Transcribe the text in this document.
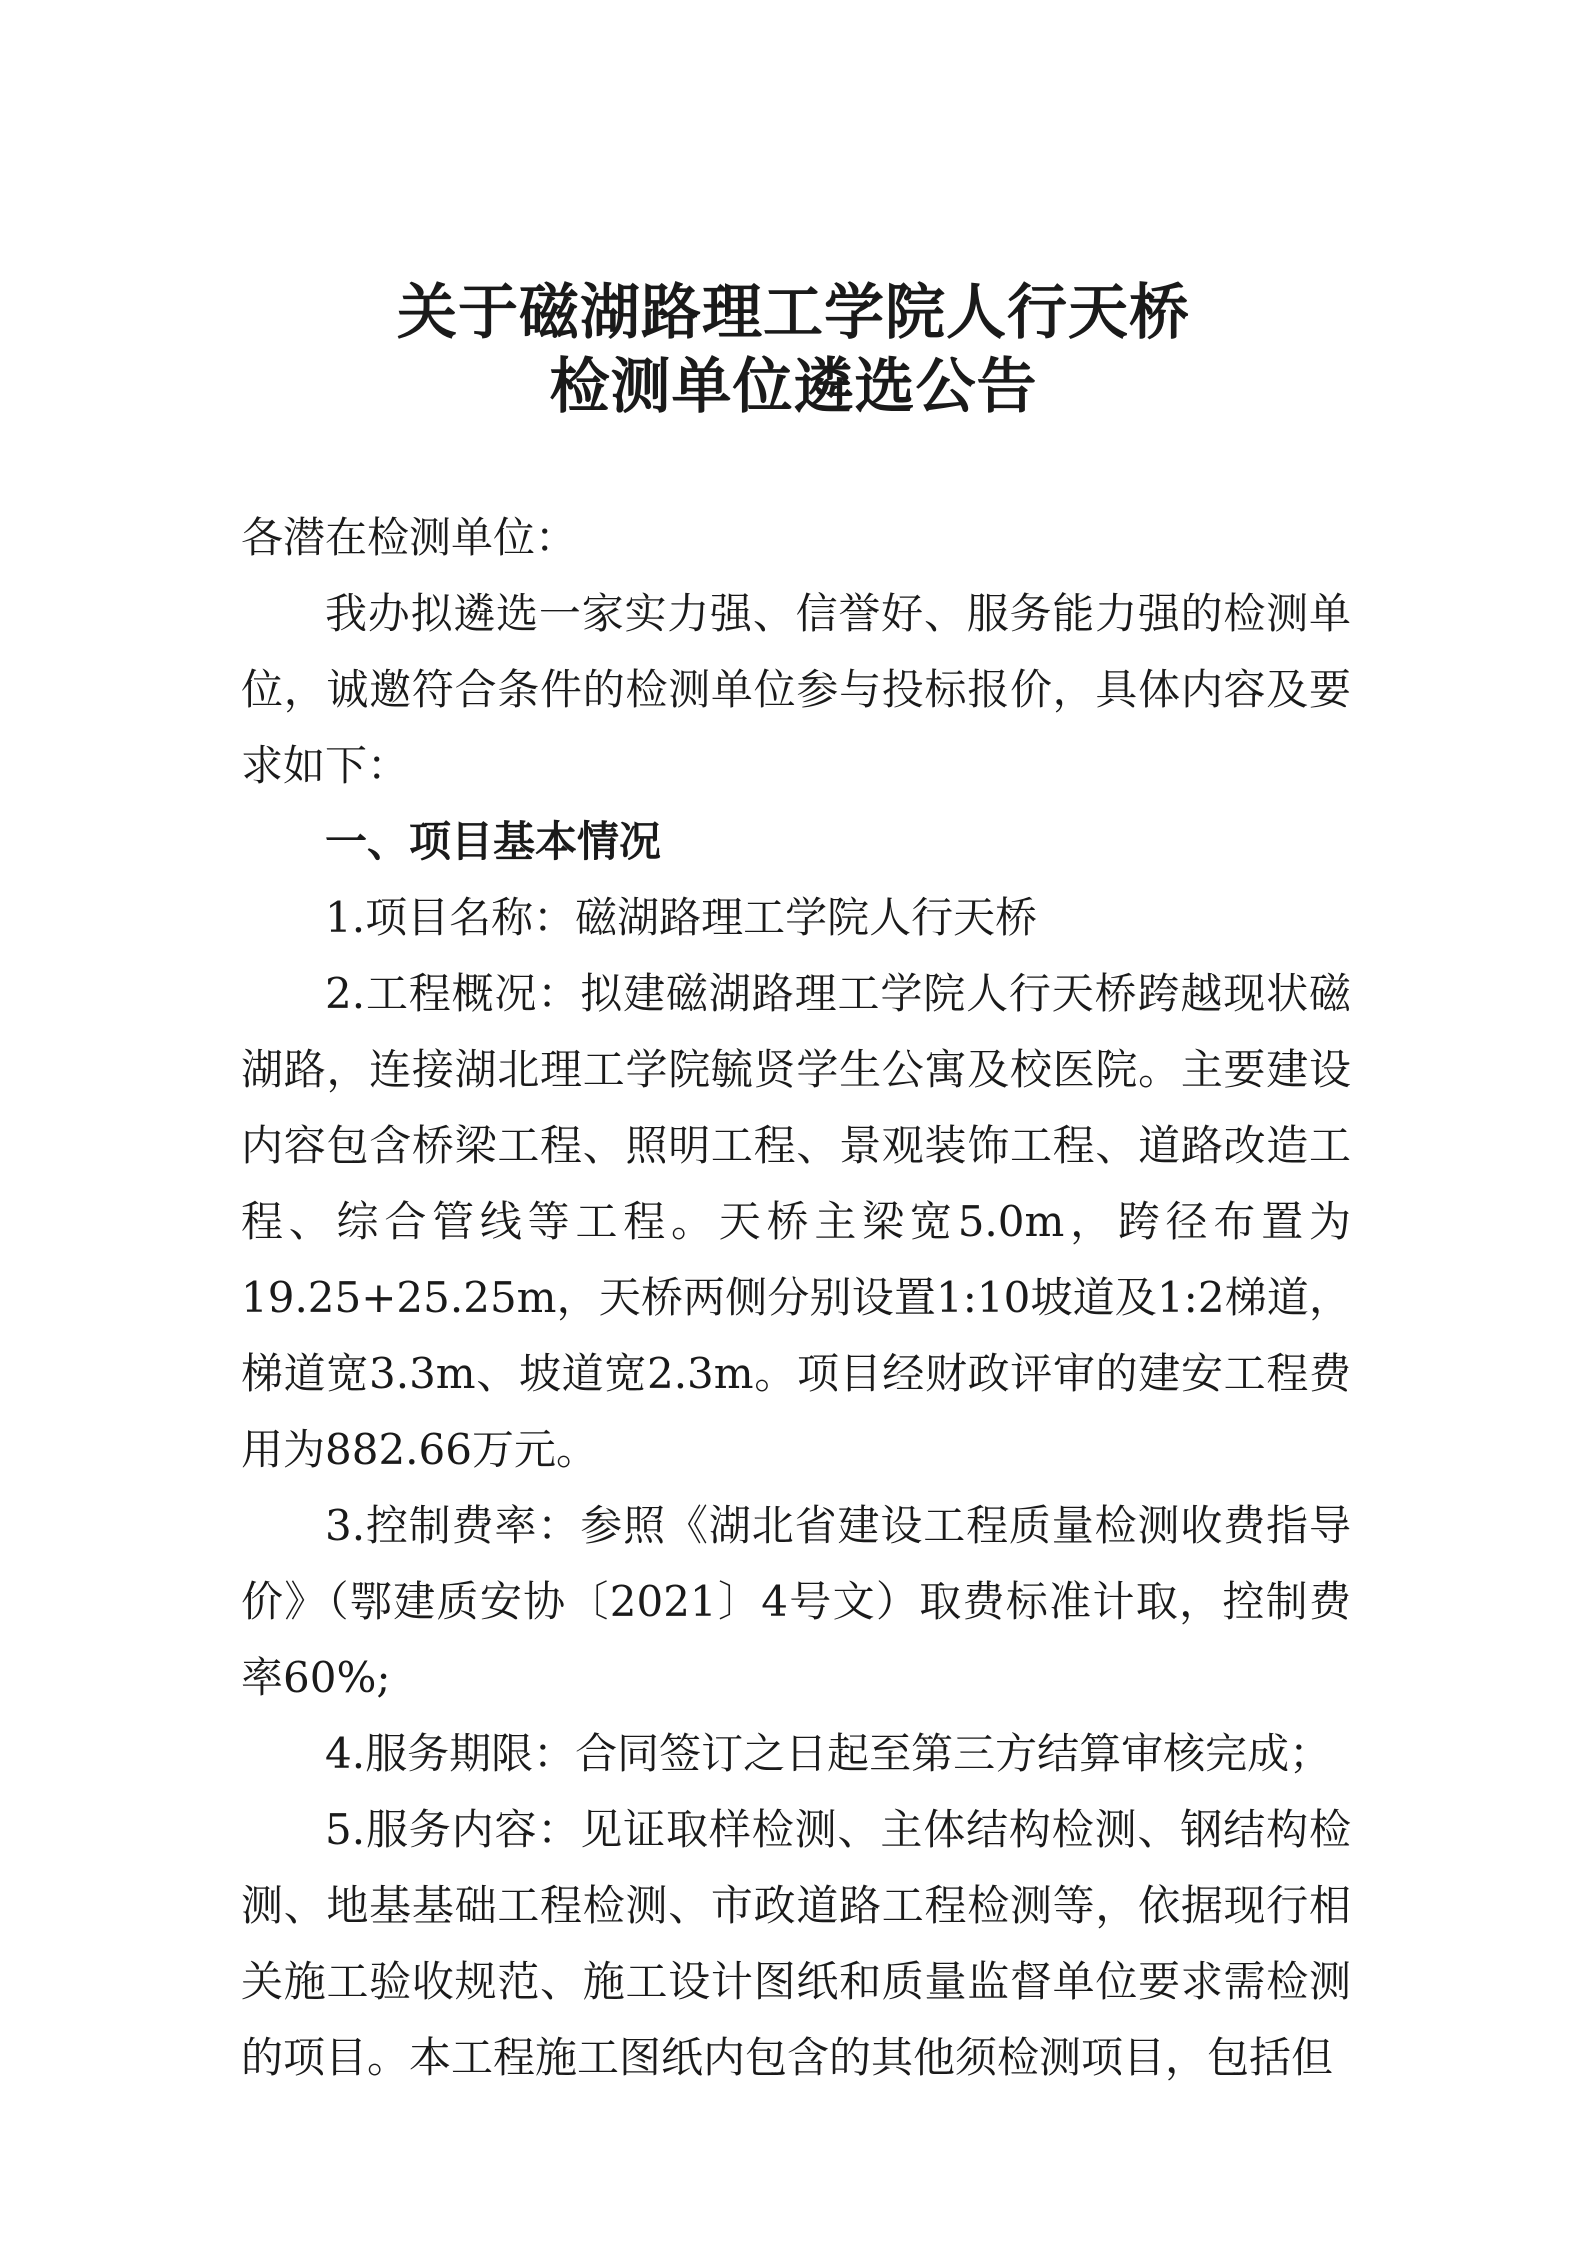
关于磁湖路理工学院人行天桥
检测单位遴选公告

各潜在检测单位：

我办拟遴选一家实力强、信誉好、服务能力强的检测单位，诚邀符合条件的检测单位参与投标报价，具体内容及要求如下：

一、项目基本情况

1.项目名称：磁湖路理工学院人行天桥

2.工程概况：拟建磁湖路理工学院人行天桥跨越现状磁湖路，连接湖北理工学院毓贤学生公寓及校医院。主要建设内容包含桥梁工程、照明工程、景观装饰工程、道路改造工程、综合管线等工程。天桥主梁宽5.0m，跨径布置为19.25+25.25m，天桥两侧分别设置1:10坡道及1:2梯道，梯道宽3.3m、坡道宽2.3m。项目经财政评审的建安工程费用为882.66万元。

3.控制费率：参照《湖北省建设工程质量检测收费指导价》（鄂建质安协〔2021〕4号文）取费标准计取，控制费率60%;

4.服务期限：合同签订之日起至第三方结算审核完成；

5.服务内容：见证取样检测、主体结构检测、钢结构检测、地基基础工程检测、市政道路工程检测等，依据现行相关施工验收规范、施工设计图纸和质量监督单位要求需检测的项目。本工程施工图纸内包含的其他须检测项目，包括但
